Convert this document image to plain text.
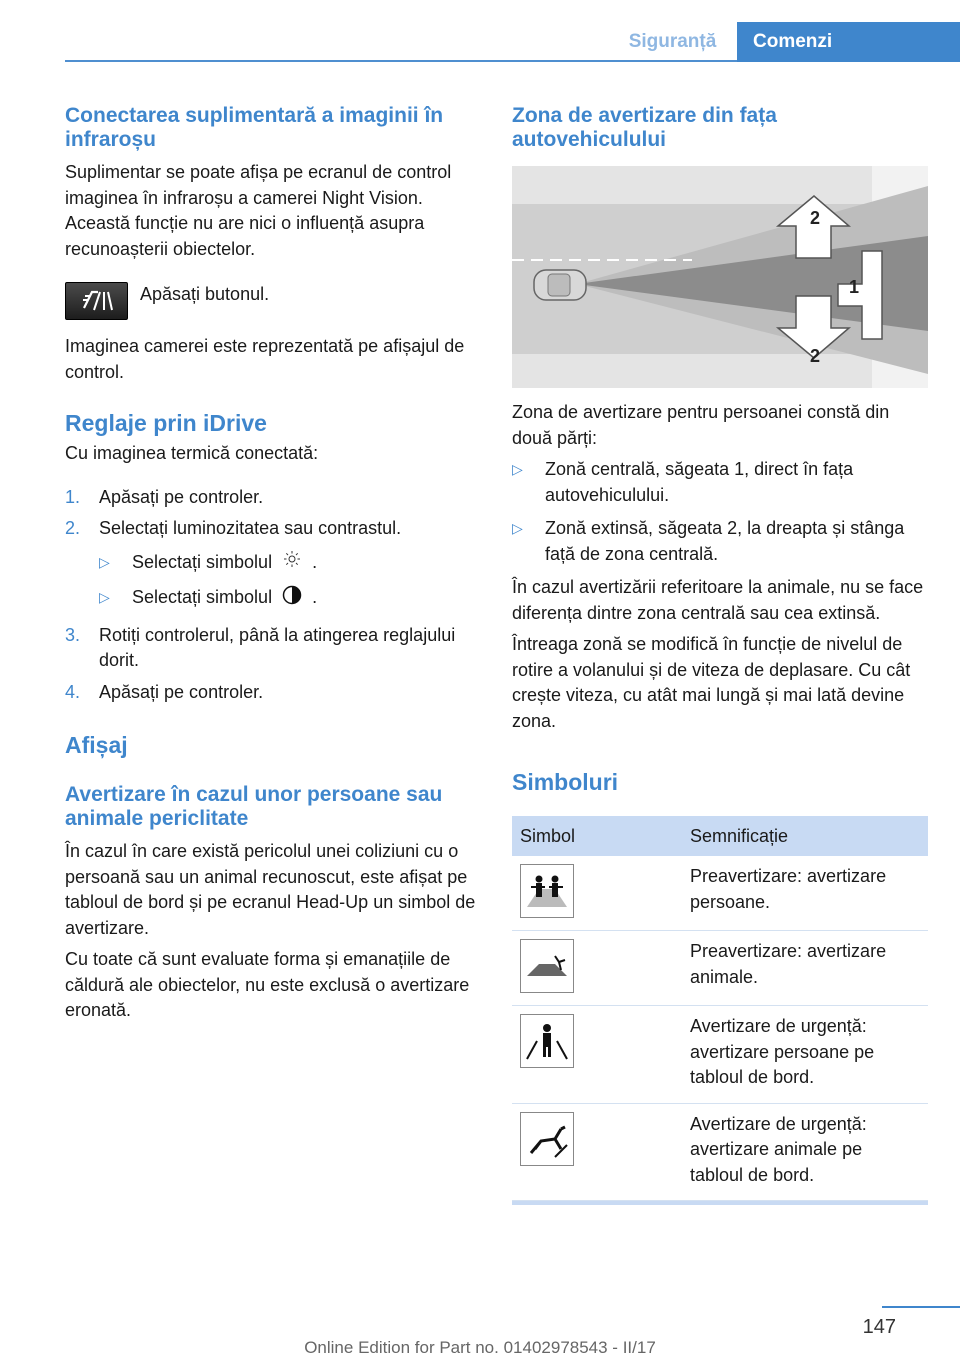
Siguranță	Comenzi
Conectarea suplimentară a imaginii în infraroșu

Suplimentar se poate afișa pe ecranul de control imaginea în infraroșu a camerei Night Vision. Această funcție nu are nici o influență asupra recunoașterii obiectelor.

Apăsați butonul.

Imaginea camerei este reprezentată pe afișajul de control.

Reglaje prin iDrive

Cu imaginea termică conectată:

1.	Apăsați pe controler.
2.	Selectați luminozitatea sau contrastul.
▷	Selectați simbolul .
▷	Selectați simbolul .
3.	Rotiți controlerul, până la atingerea reglajului dorit.
4.	Apăsați pe controler.
Afișaj
Avertizare în cazul unor persoane sau animale periclitate

În cazul în care există pericolul unei coliziuni cu o persoană sau un animal recunoscut, este afișat pe tabloul de bord și pe ecranul Head-Up un simbol de avertizare.

Cu toate că sunt evaluate forma și emanațiile de căldură ale obiectelor, nu este exclusă o avertizare eronată.

Zona de avertizare din fața autovehiculului
2
1
2

Zona de avertizare pentru persoanei constă din două părți:

▷	Zonă centrală, săgeata 1, direct în fața autovehiculului.
▷	Zonă extinsă, săgeata 2, la dreapta și stânga față de zona centrală.

În cazul avertizării referitoare la animale, nu se face diferența dintre zona centrală sau cea extinsă.

Întreaga zonă se modifică în funcție de nivelul de rotire a volanului și de viteza de deplasare. Cu cât crește viteza, cu atât mai lungă și mai lată devine zona.

Simboluri
Simbol	Semnificație

	Preavertizare: avertizare persoane.

	Preavertizare: avertizare animale.

	Avertizare de urgență: avertizare persoane pe tabloul de bord.

	Avertizare de urgență: avertizare animale pe tabloul de bord.
147
Online Edition for Part no. 01402978543 - II/17
